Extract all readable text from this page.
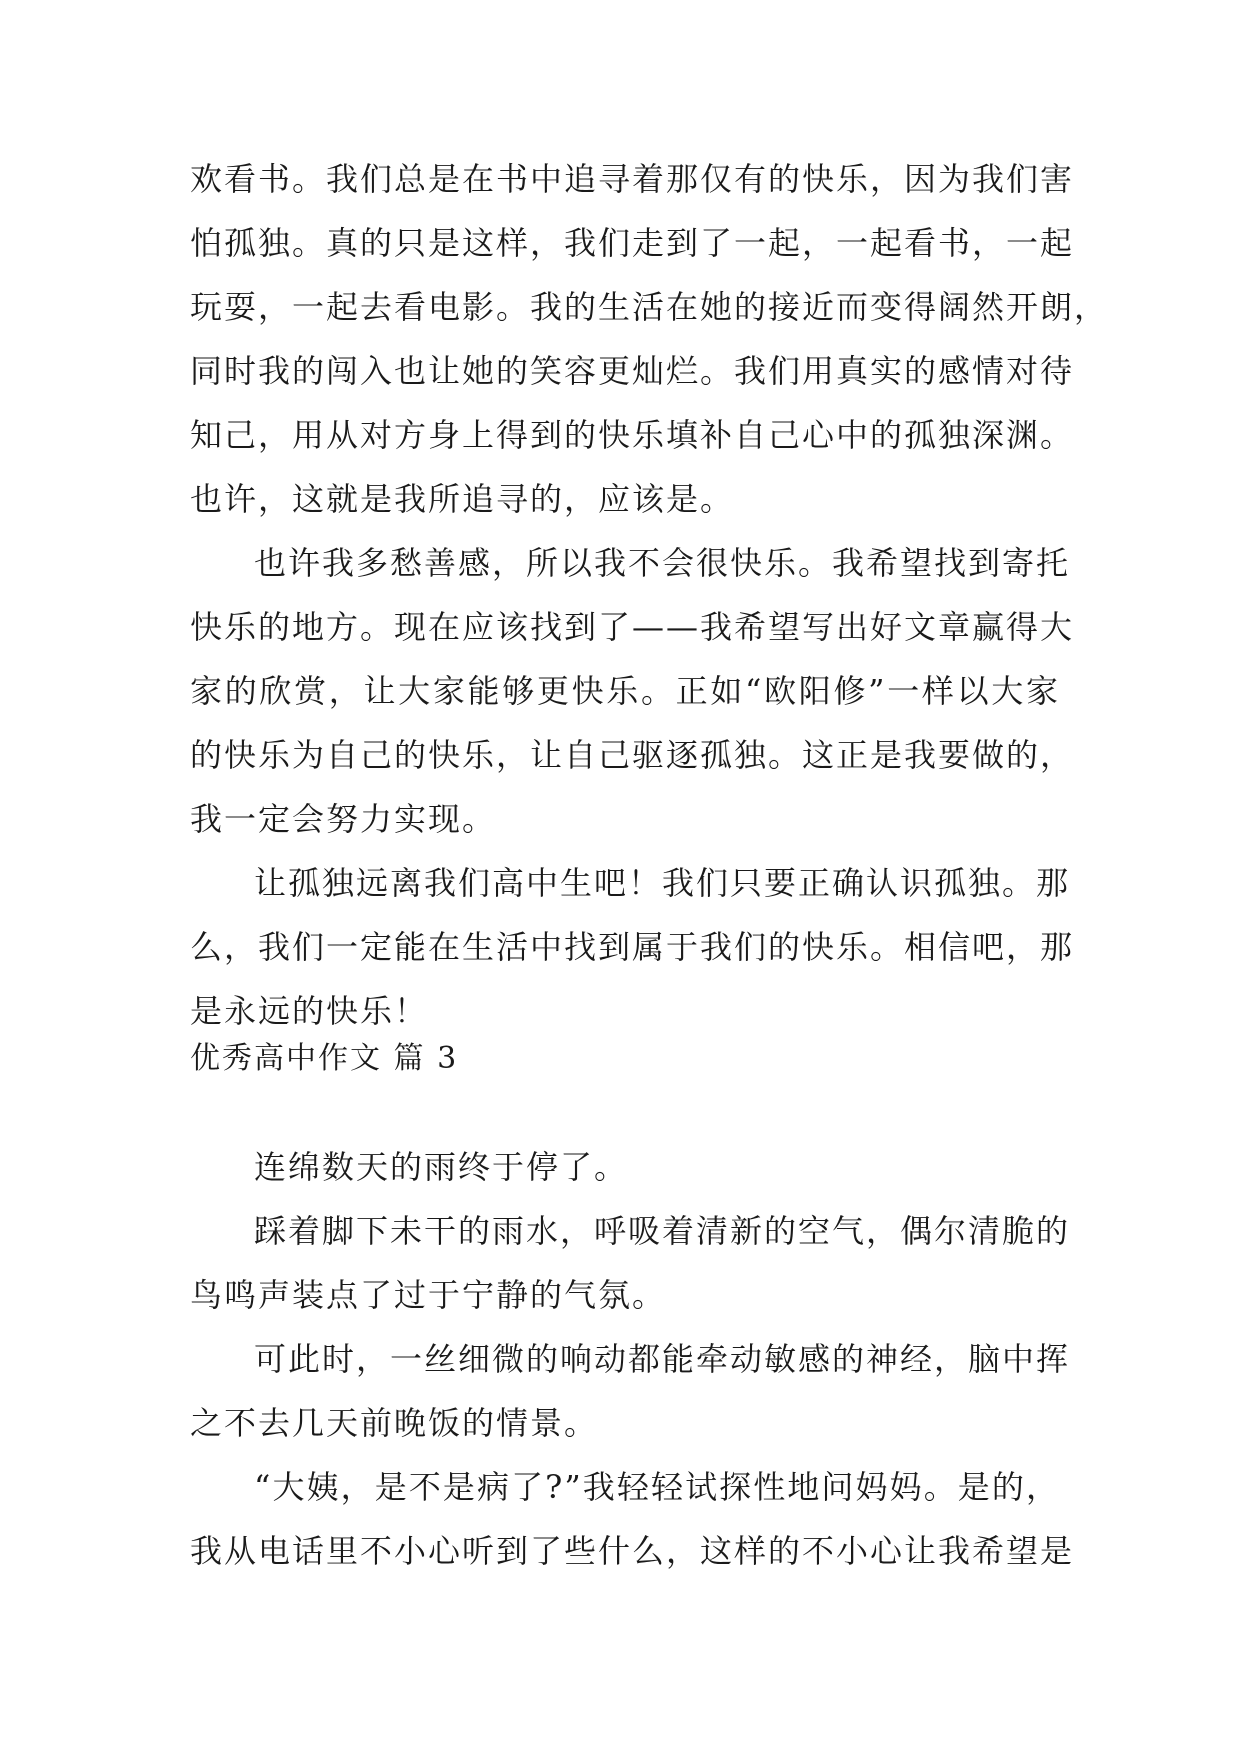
欢看书。我们总是在书中追寻着那仅有的快乐，因为我们害
怕孤独。真的只是这样，我们走到了一起，一起看书，一起
玩耍，一起去看电影。我的生活在她的接近而变得阔然开朗，
同时我的闯入也让她的笑容更灿烂。我们用真实的感情对待
知己，用从对方身上得到的快乐填补自己心中的孤独深渊。
也许，这就是我所追寻的，应该是。
也许我多愁善感，所以我不会很快乐。我希望找到寄托
快乐的地方。现在应该找到了——我希望写出好文章赢得大
家的欣赏，让大家能够更快乐。正如“欧阳修”一样以大家
的快乐为自己的快乐，让自己驱逐孤独。这正是我要做的，
我一定会努力实现。
让孤独远离我们高中生吧！我们只要正确认识孤独。那
么，我们一定能在生活中找到属于我们的快乐。相信吧，那
是永远的快乐！
优秀高中作文 篇 3
连绵数天的雨终于停了。
踩着脚下未干的雨水，呼吸着清新的空气，偶尔清脆的
鸟鸣声装点了过于宁静的气氛。
可此时，一丝细微的响动都能牵动敏感的神经，脑中挥
之不去几天前晚饭的情景。
“大姨，是不是病了?”我轻轻试探性地问妈妈。是的，
我从电话里不小心听到了些什么，这样的不小心让我希望是
